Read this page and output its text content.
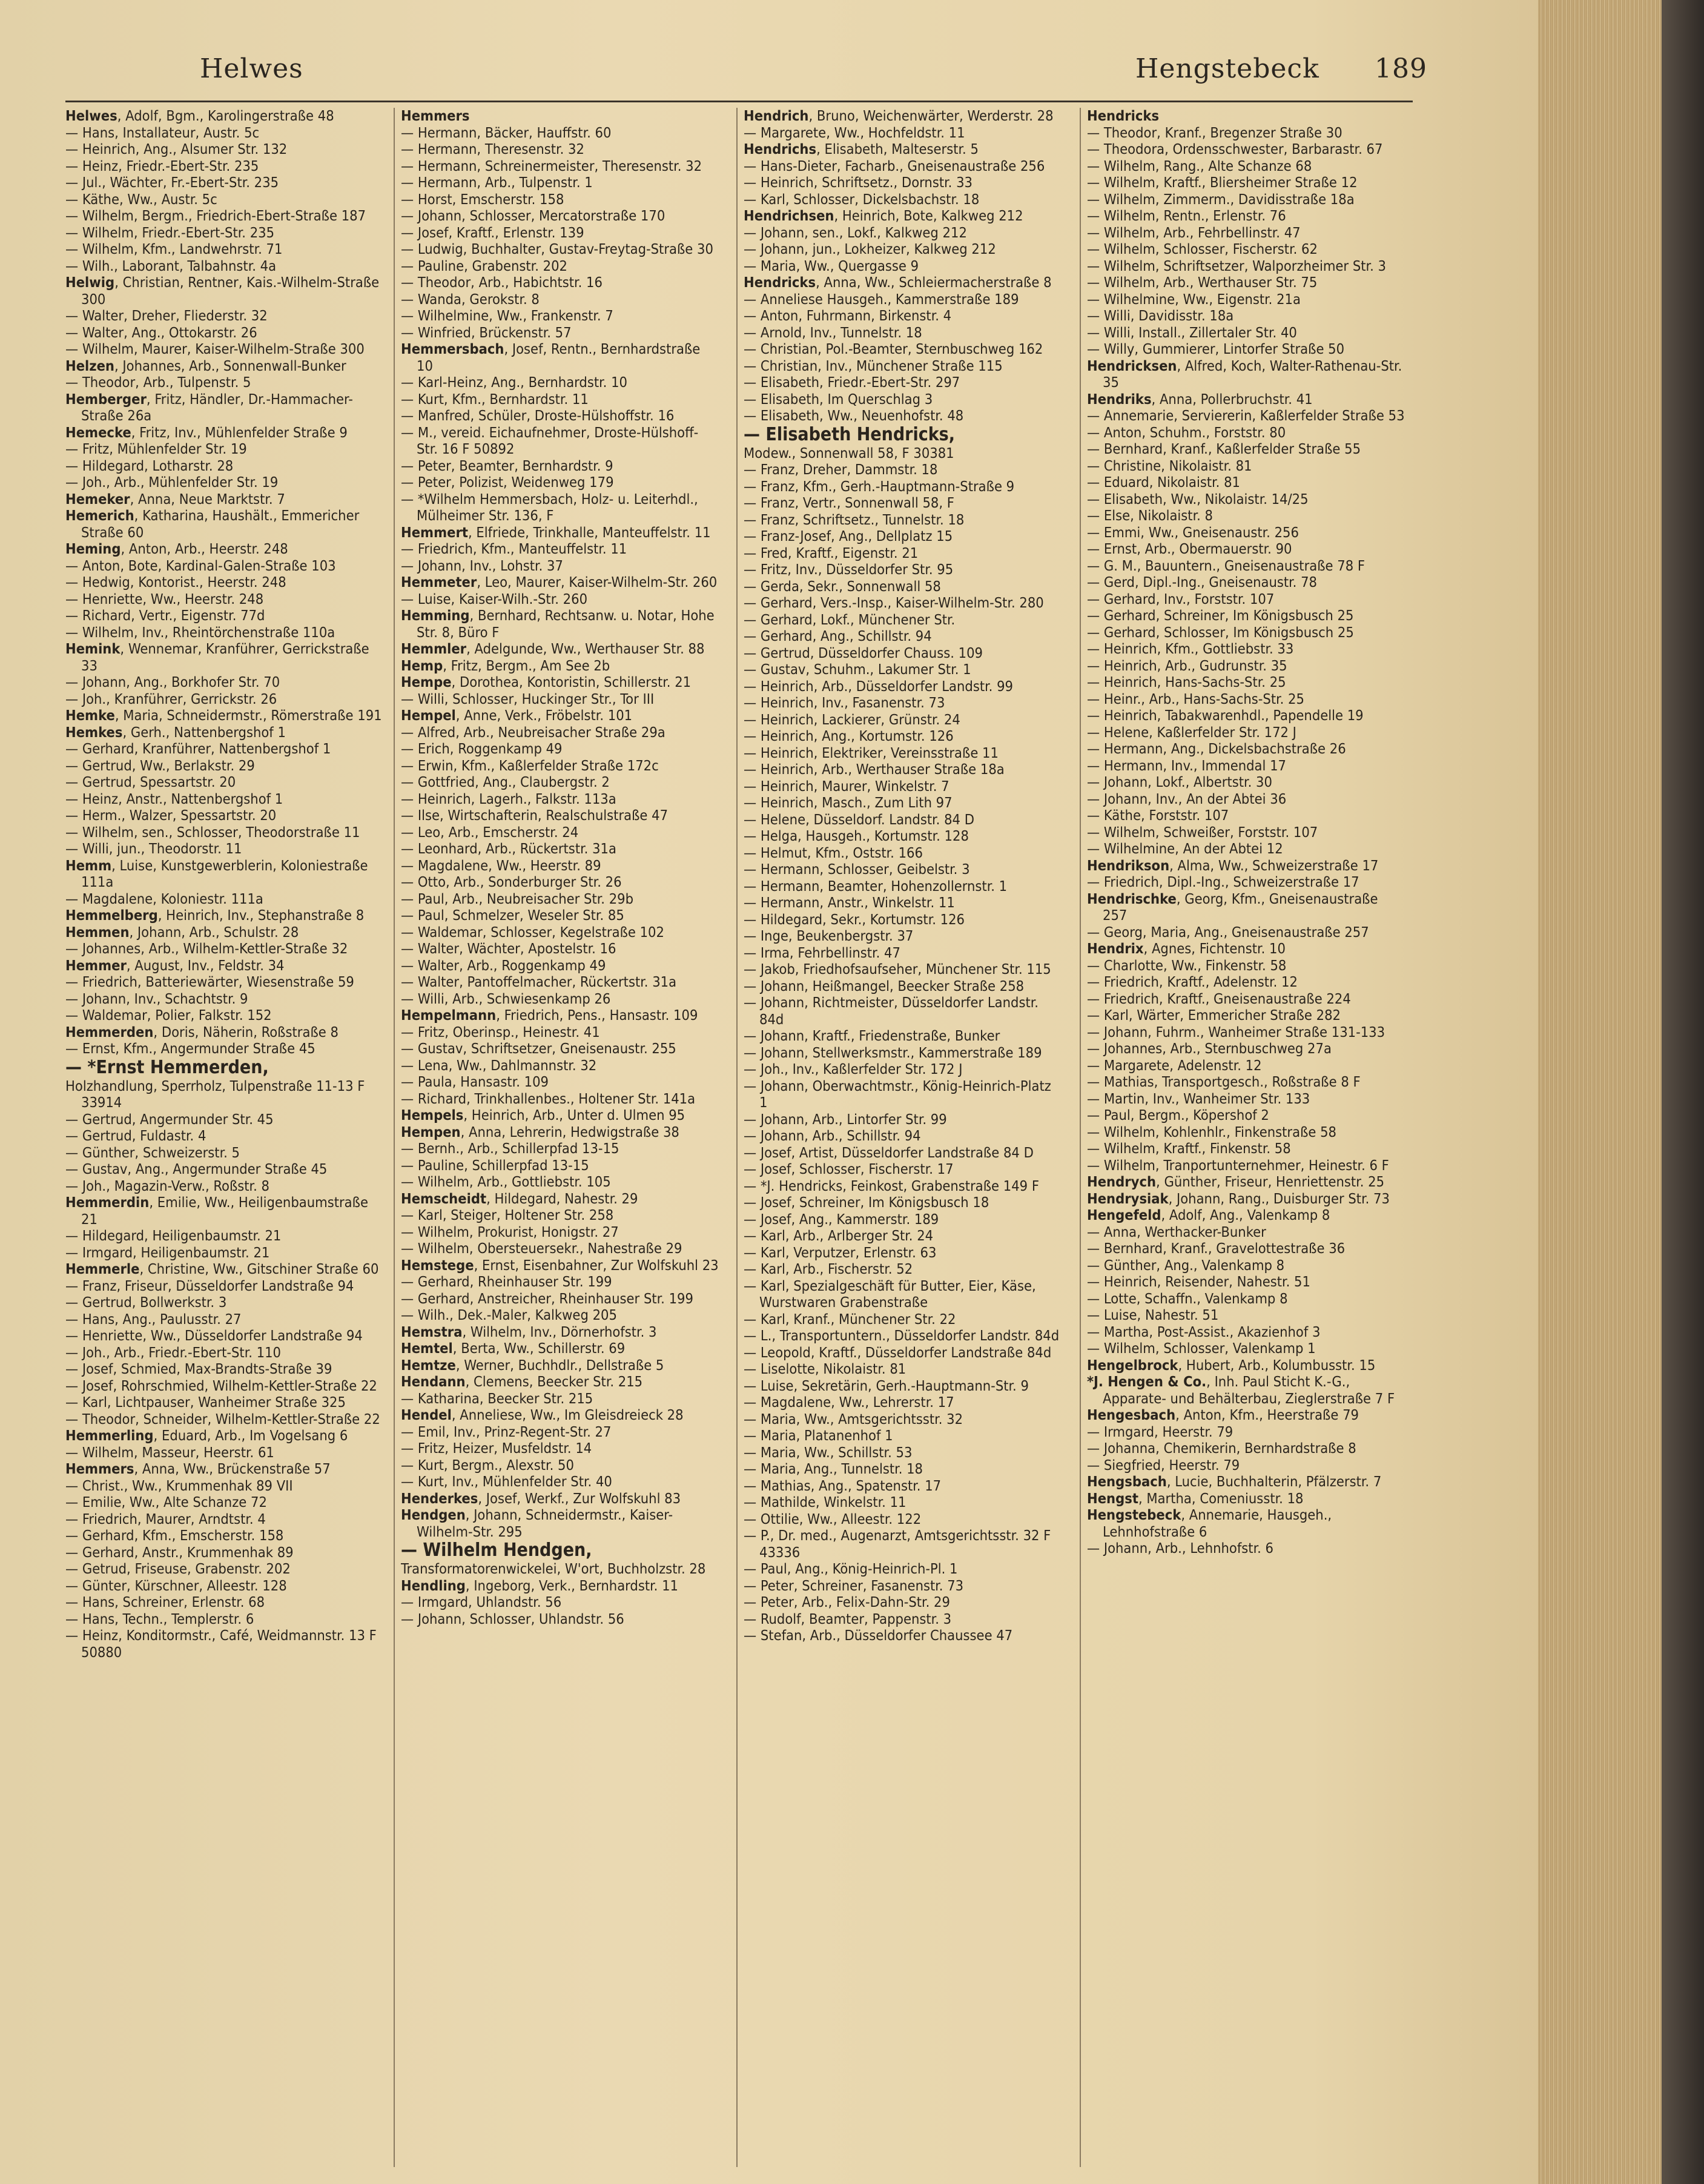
Helwes	Hengstebeck 189

Helwes, Adolf, Bgm., Karolingerstraße 48

— Hans, Installateur, Austr. 5c

— Heinrich, Ang., Alsumer Str. 132

— Heinz, Friedr.-Ebert-Str. 235

— Jul., Wächter, Fr.-Ebert-Str. 235

— Käthe, Ww., Austr. 5c

— Wilhelm, Bergm., Friedrich-Ebert-Straße 187

— Wilhelm, Friedr.-Ebert-Str. 235

— Wilhelm, Kfm., Landwehrstr. 71

— Wilh., Laborant, Talbahnstr. 4a

Helwig, Christian, Rentner, Kais.-Wilhelm-Straße 300

— Walter, Dreher, Fliederstr. 32

— Walter, Ang., Ottokarstr. 26

— Wilhelm, Maurer, Kaiser-Wilhelm-Straße 300

Helzen, Johannes, Arb., Sonnenwall-Bunker

— Theodor, Arb., Tulpenstr. 5

Hemberger, Fritz, Händler, Dr.-Hammacher-Straße 26a

Hemecke, Fritz, Inv., Mühlenfelder Straße 9

— Fritz, Mühlenfelder Str. 19

— Hildegard, Lotharstr. 28

— Joh., Arb., Mühlenfelder Str. 19

Hemeker, Anna, Neue Marktstr. 7

Hemerich, Katharina, Haushält., Emmericher Straße 60

Heming, Anton, Arb., Heerstr. 248

— Anton, Bote, Kardinal-Galen-Straße 103

— Hedwig, Kontorist., Heerstr. 248

— Henriette, Ww., Heerstr. 248

— Richard, Vertr., Eigenstr. 77d

— Wilhelm, Inv., Rheintörchenstraße 110a

Hemink, Wennemar, Kranführer, Gerrickstraße 33

— Johann, Ang., Borkhofer Str. 70

— Joh., Kranführer, Gerrickstr. 26

Hemke, Maria, Schneidermstr., Römerstraße 191

Hemkes, Gerh., Nattenbergshof 1

— Gerhard, Kranführer, Nattenbergshof 1

— Gertrud, Ww., Berlakstr. 29

— Gertrud, Spessartstr. 20

— Heinz, Anstr., Nattenbergshof 1

— Herm., Walzer, Spessartstr. 20

— Wilhelm, sen., Schlosser, Theodorstraße 11

— Willi, jun., Theodorstr. 11

Hemm, Luise, Kunstgewerblerin, Koloniestraße 111a

— Magdalene, Koloniestr. 111a

Hemmelberg, Heinrich, Inv., Stephanstraße 8

Hemmen, Johann, Arb., Schulstr. 28

— Johannes, Arb., Wilhelm-Kettler-Straße 32

Hemmer, August, Inv., Feldstr. 34

— Friedrich, Batteriewärter, Wiesenstraße 59

— Johann, Inv., Schachtstr. 9

— Waldemar, Polier, Falkstr. 152

Hemmerden, Doris, Näherin, Roßstraße 8

— Ernst, Kfm., Angermunder Straße 45

— *Ernst Hemmerden,

Holzhandlung, Sperrholz, Tulpenstraße 11-13 F 33914

— Gertrud, Angermunder Str. 45

— Gertrud, Fuldastr. 4

— Günther, Schweizerstr. 5

— Gustav, Ang., Angermunder Straße 45

— Joh., Magazin-Verw., Roßstr. 8

Hemmerdin, Emilie, Ww., Heiligenbaumstraße 21

— Hildegard, Heiligenbaumstr. 21

— Irmgard, Heiligenbaumstr. 21

Hemmerle, Christine, Ww., Gitschiner Straße 60

— Franz, Friseur, Düsseldorfer Landstraße 94

— Gertrud, Bollwerkstr. 3

— Hans, Ang., Paulusstr. 27

— Henriette, Ww., Düsseldorfer Landstraße 94

— Joh., Arb., Friedr.-Ebert-Str. 110

— Josef, Schmied, Max-Brandts-Straße 39

— Josef, Rohrschmied, Wilhelm-Kettler-Straße 22

— Karl, Lichtpauser, Wanheimer Straße 325

— Theodor, Schneider, Wilhelm-Kettler-Straße 22

Hemmerling, Eduard, Arb., Im Vogelsang 6

— Wilhelm, Masseur, Heerstr. 61

Hemmers, Anna, Ww., Brückenstraße 57

— Christ., Ww., Krummenhak 89 VII

— Emilie, Ww., Alte Schanze 72

— Friedrich, Maurer, Arndtstr. 4

— Gerhard, Kfm., Emscherstr. 158

— Gerhard, Anstr., Krummenhak 89

— Getrud, Friseuse, Grabenstr. 202

— Günter, Kürschner, Alleestr. 128

— Hans, Schreiner, Erlenstr. 68

— Hans, Techn., Templerstr. 6

— Heinz, Konditormstr., Café, Weidmannstr. 13 F 50880

Hemmers

— Hermann, Bäcker, Hauffstr. 60

— Hermann, Theresenstr. 32

— Hermann, Schreinermeister, Theresenstr. 32

— Hermann, Arb., Tulpenstr. 1

— Horst, Emscherstr. 158

— Johann, Schlosser, Mercatorstraße 170

— Josef, Kraftf., Erlenstr. 139

— Ludwig, Buchhalter, Gustav-Freytag-Straße 30

— Pauline, Grabenstr. 202

— Theodor, Arb., Habichtstr. 16

— Wanda, Gerokstr. 8

— Wilhelmine, Ww., Frankenstr. 7

— Winfried, Brückenstr. 57

Hemmersbach, Josef, Rentn., Bernhardstraße 10

— Karl-Heinz, Ang., Bernhardstr. 10

— Kurt, Kfm., Bernhardstr. 11

— Manfred, Schüler, Droste-Hülshoffstr. 16

— M., vereid. Eichaufnehmer, Droste-Hülshoff-Str. 16 F 50892

— Peter, Beamter, Bernhardstr. 9

— Peter, Polizist, Weidenweg 179

— *Wilhelm Hemmersbach, Holz- u. Leiterhdl., Mülheimer Str. 136, F

Hemmert, Elfriede, Trinkhalle, Manteuffelstr. 11

— Friedrich, Kfm., Manteuffelstr. 11

— Johann, Inv., Lohstr. 37

Hemmeter, Leo, Maurer, Kaiser-Wilhelm-Str. 260

— Luise, Kaiser-Wilh.-Str. 260

Hemming, Bernhard, Rechtsanw. u. Notar, Hohe Str. 8, Büro F

Hemmler, Adelgunde, Ww., Werthauser Str. 88

Hemp, Fritz, Bergm., Am See 2b

Hempe, Dorothea, Kontoristin, Schillerstr. 21

— Willi, Schlosser, Huckinger Str., Tor III

Hempel, Anne, Verk., Fröbelstr. 101

— Alfred, Arb., Neubreisacher Straße 29a

— Erich, Roggenkamp 49

— Erwin, Kfm., Kaßlerfelder Straße 172c

— Gottfried, Ang., Claubergstr. 2

— Heinrich, Lagerh., Falkstr. 113a

— Ilse, Wirtschafterin, Realschulstraße 47

— Leo, Arb., Emscherstr. 24

— Leonhard, Arb., Rückertstr. 31a

— Magdalene, Ww., Heerstr. 89

— Otto, Arb., Sonderburger Str. 26

— Paul, Arb., Neubreisacher Str. 29b

— Paul, Schmelzer, Weseler Str. 85

— Waldemar, Schlosser, Kegelstraße 102

— Walter, Wächter, Apostelstr. 16

— Walter, Arb., Roggenkamp 49

— Walter, Pantoffelmacher, Rückertstr. 31a

— Willi, Arb., Schwiesenkamp 26

Hempelmann, Friedrich, Pens., Hansastr. 109

— Fritz, Oberinsp., Heinestr. 41

— Gustav, Schriftsetzer, Gneisenaustr. 255

— Lena, Ww., Dahlmannstr. 32

— Paula, Hansastr. 109

— Richard, Trinkhallenbes., Holtener Str. 141a

Hempels, Heinrich, Arb., Unter d. Ulmen 95

Hempen, Anna, Lehrerin, Hedwigstraße 38

— Bernh., Arb., Schillerpfad 13-15

— Pauline, Schillerpfad 13-15

— Wilhelm, Arb., Gottliebstr. 105

Hemscheidt, Hildegard, Nahestr. 29

— Karl, Steiger, Holtener Str. 258

— Wilhelm, Prokurist, Honigstr. 27

— Wilhelm, Obersteuersekr., Nahestraße 29

Hemstege, Ernst, Eisenbahner, Zur Wolfskuhl 23

— Gerhard, Rheinhauser Str. 199

— Gerhard, Anstreicher, Rheinhauser Str. 199

— Wilh., Dek.-Maler, Kalkweg 205

Hemstra, Wilhelm, Inv., Dörnerhofstr. 3

Hemtel, Berta, Ww., Schillerstr. 69

Hemtze, Werner, Buchhdlr., Dellstraße 5

Hendann, Clemens, Beecker Str. 215

— Katharina, Beecker Str. 215

Hendel, Anneliese, Ww., Im Gleisdreieck 28

— Emil, Inv., Prinz-Regent-Str. 27

— Fritz, Heizer, Musfeldstr. 14

— Kurt, Bergm., Alexstr. 50

— Kurt, Inv., Mühlenfelder Str. 40

Henderkes, Josef, Werkf., Zur Wolfskuhl 83

Hendgen, Johann, Schneidermstr., Kaiser-Wilhelm-Str. 295

— Wilhelm Hendgen,

Transformatorenwickelei, W'ort, Buchholzstr. 28

Hendling, Ingeborg, Verk., Bernhardstr. 11

— Irmgard, Uhlandstr. 56

— Johann, Schlosser, Uhlandstr. 56

Hendrich, Bruno, Weichenwärter, Werderstr. 28

— Margarete, Ww., Hochfeldstr. 11

Hendrichs, Elisabeth, Malteserstr. 5

— Hans-Dieter, Facharb., Gneisenaustraße 256

— Heinrich, Schriftsetz., Dornstr. 33

— Karl, Schlosser, Dickelsbachstr. 18

Hendrichsen, Heinrich, Bote, Kalkweg 212

— Johann, sen., Lokf., Kalkweg 212

— Johann, jun., Lokheizer, Kalkweg 212

— Maria, Ww., Quergasse 9

Hendricks, Anna, Ww., Schleiermacherstraße 8

— Anneliese Hausgeh., Kammerstraße 189

— Anton, Fuhrmann, Birkenstr. 4

— Arnold, Inv., Tunnelstr. 18

— Christian, Pol.-Beamter, Sternbuschweg 162

— Christian, Inv., Münchener Straße 115

— Elisabeth, Friedr.-Ebert-Str. 297

— Elisabeth, Im Querschlag 3

— Elisabeth, Ww., Neuenhofstr. 48

— Elisabeth Hendricks,

Modew., Sonnenwall 58, F 30381

— Franz, Dreher, Dammstr. 18

— Franz, Kfm., Gerh.-Hauptmann-Straße 9

— Franz, Vertr., Sonnenwall 58, F

— Franz, Schriftsetz., Tunnelstr. 18

— Franz-Josef, Ang., Dellplatz 15

— Fred, Kraftf., Eigenstr. 21

— Fritz, Inv., Düsseldorfer Str. 95

— Gerda, Sekr., Sonnenwall 58

— Gerhard, Vers.-Insp., Kaiser-Wilhelm-Str. 280

— Gerhard, Lokf., Münchener Str.

— Gerhard, Ang., Schillstr. 94

— Gertrud, Düsseldorfer Chauss. 109

— Gustav, Schuhm., Lakumer Str. 1

— Heinrich, Arb., Düsseldorfer Landstr. 99

— Heinrich, Inv., Fasanenstr. 73

— Heinrich, Lackierer, Grünstr. 24

— Heinrich, Ang., Kortumstr. 126

— Heinrich, Elektriker, Vereinsstraße 11

— Heinrich, Arb., Werthauser Straße 18a

— Heinrich, Maurer, Winkelstr. 7

— Heinrich, Masch., Zum Lith 97

— Helene, Düsseldorf. Landstr. 84 D

— Helga, Hausgeh., Kortumstr. 128

— Helmut, Kfm., Oststr. 166

— Hermann, Schlosser, Geibelstr. 3

— Hermann, Beamter, Hohenzollernstr. 1

— Hermann, Anstr., Winkelstr. 11

— Hildegard, Sekr., Kortumstr. 126

— Inge, Beukenbergstr. 37

— Irma, Fehrbellinstr. 47

— Jakob, Friedhofsaufseher, Münchener Str. 115

— Johann, Heißmangel, Beecker Straße 258

— Johann, Richtmeister, Düsseldorfer Landstr. 84d

— Johann, Kraftf., Friedenstraße, Bunker

— Johann, Stellwerksmstr., Kammerstraße 189

— Joh., Inv., Kaßlerfelder Str. 172 J

— Johann, Oberwachtmstr., König-Heinrich-Platz 1

— Johann, Arb., Lintorfer Str. 99

— Johann, Arb., Schillstr. 94

— Josef, Artist, Düsseldorfer Landstraße 84 D

— Josef, Schlosser, Fischerstr. 17

— *J. Hendricks, Feinkost, Grabenstraße 149 F

— Josef, Schreiner, Im Königsbusch 18

— Josef, Ang., Kammerstr. 189

— Karl, Arb., Arlberger Str. 24

— Karl, Verputzer, Erlenstr. 63

— Karl, Arb., Fischerstr. 52

— Karl, Spezialgeschäft für Butter, Eier, Käse, Wurstwaren Grabenstraße

— Karl, Kranf., Münchener Str. 22

— L., Transportuntern., Düsseldorfer Landstr. 84d

— Leopold, Kraftf., Düsseldorfer Landstraße 84d

— Liselotte, Nikolaistr. 81

— Luise, Sekretärin, Gerh.-Hauptmann-Str. 9

— Magdalene, Ww., Lehrerstr. 17

— Maria, Ww., Amtsgerichtsstr. 32

— Maria, Platanenhof 1

— Maria, Ww., Schillstr. 53

— Maria, Ang., Tunnelstr. 18

— Mathias, Ang., Spatenstr. 17

— Mathilde, Winkelstr. 11

— Ottilie, Ww., Alleestr. 122

— P., Dr. med., Augenarzt, Amtsgerichtsstr. 32 F 43336

— Paul, Ang., König-Heinrich-Pl. 1

— Peter, Schreiner, Fasanenstr. 73

— Peter, Arb., Felix-Dahn-Str. 29

— Rudolf, Beamter, Pappenstr. 3

— Stefan, Arb., Düsseldorfer Chaussee 47

Hendricks

— Theodor, Kranf., Bregenzer Straße 30

— Theodora, Ordensschwester, Barbarastr. 67

— Wilhelm, Rang., Alte Schanze 68

— Wilhelm, Kraftf., Bliersheimer Straße 12

— Wilhelm, Zimmerm., Davidisstraße 18a

— Wilhelm, Rentn., Erlenstr. 76

— Wilhelm, Arb., Fehrbellinstr. 47

— Wilhelm, Schlosser, Fischerstr. 62

— Wilhelm, Schriftsetzer, Walporzheimer Str. 3

— Wilhelm, Arb., Werthauser Str. 75

— Wilhelmine, Ww., Eigenstr. 21a

— Willi, Davidisstr. 18a

— Willi, Install., Zillertaler Str. 40

— Willy, Gummierer, Lintorfer Straße 50

Hendricksen, Alfred, Koch, Walter-Rathenau-Str. 35

Hendriks, Anna, Pollerbruchstr. 41

— Annemarie, Serviererin, Kaßlerfelder Straße 53

— Anton, Schuhm., Forststr. 80

— Bernhard, Kranf., Kaßlerfelder Straße 55

— Christine, Nikolaistr. 81

— Eduard, Nikolaistr. 81

— Elisabeth, Ww., Nikolaistr. 14/25

— Else, Nikolaistr. 8

— Emmi, Ww., Gneisenaustr. 256

— Ernst, Arb., Obermauerstr. 90

— G. M., Bauuntern., Gneisenaustraße 78 F

— Gerd, Dipl.-Ing., Gneisenaustr. 78

— Gerhard, Inv., Forststr. 107

— Gerhard, Schreiner, Im Königsbusch 25

— Gerhard, Schlosser, Im Königsbusch 25

— Heinrich, Kfm., Gottliebstr. 33

— Heinrich, Arb., Gudrunstr. 35

— Heinrich, Hans-Sachs-Str. 25

— Heinr., Arb., Hans-Sachs-Str. 25

— Heinrich, Tabakwarenhdl., Papendelle 19

— Helene, Kaßlerfelder Str. 172 J

— Hermann, Ang., Dickelsbachstraße 26

— Hermann, Inv., Immendal 17

— Johann, Lokf., Albertstr. 30

— Johann, Inv., An der Abtei 36

— Käthe, Forststr. 107

— Wilhelm, Schweißer, Forststr. 107

— Wilhelmine, An der Abtei 12

Hendrikson, Alma, Ww., Schweizerstraße 17

— Friedrich, Dipl.-Ing., Schweizerstraße 17

Hendrischke, Georg, Kfm., Gneisenaustraße 257

— Georg, Maria, Ang., Gneisenaustraße 257

Hendrix, Agnes, Fichtenstr. 10

— Charlotte, Ww., Finkenstr. 58

— Friedrich, Kraftf., Adelenstr. 12

— Friedrich, Kraftf., Gneisenaustraße 224

— Karl, Wärter, Emmericher Straße 282

— Johann, Fuhrm., Wanheimer Straße 131-133

— Johannes, Arb., Sternbuschweg 27a

— Margarete, Adelenstr. 12

— Mathias, Transportgesch., Roßstraße 8 F

— Martin, Inv., Wanheimer Str. 133

— Paul, Bergm., Köpershof 2

— Wilhelm, Kohlenhlr., Finkenstraße 58

— Wilhelm, Kraftf., Finkenstr. 58

— Wilhelm, Tranportunternehmer, Heinestr. 6 F

Hendrych, Günther, Friseur, Henriettenstr. 25

Hendrysiak, Johann, Rang., Duisburger Str. 73

Hengefeld, Adolf, Ang., Valenkamp 8

— Anna, Werthacker-Bunker

— Bernhard, Kranf., Gravelottestraße 36

— Günther, Ang., Valenkamp 8

— Heinrich, Reisender, Nahestr. 51

— Lotte, Schaffn., Valenkamp 8

— Luise, Nahestr. 51

— Martha, Post-Assist., Akazienhof 3

— Wilhelm, Schlosser, Valenkamp 1

Hengelbrock, Hubert, Arb., Kolumbusstr. 15

*J. Hengen & Co., Inh. Paul Sticht K.-G., Apparate- und Behälterbau, Zieglerstraße 7 F

Hengesbach, Anton, Kfm., Heerstraße 79

— Irmgard, Heerstr. 79

— Johanna, Chemikerin, Bernhardstraße 8

— Siegfried, Heerstr. 79

Hengsbach, Lucie, Buchhalterin, Pfälzerstr. 7

Hengst, Martha, Comeniusstr. 18

Hengstebeck, Annemarie, Hausgeh., Lehnhofstraße 6

— Johann, Arb., Lehnhofstr. 6
